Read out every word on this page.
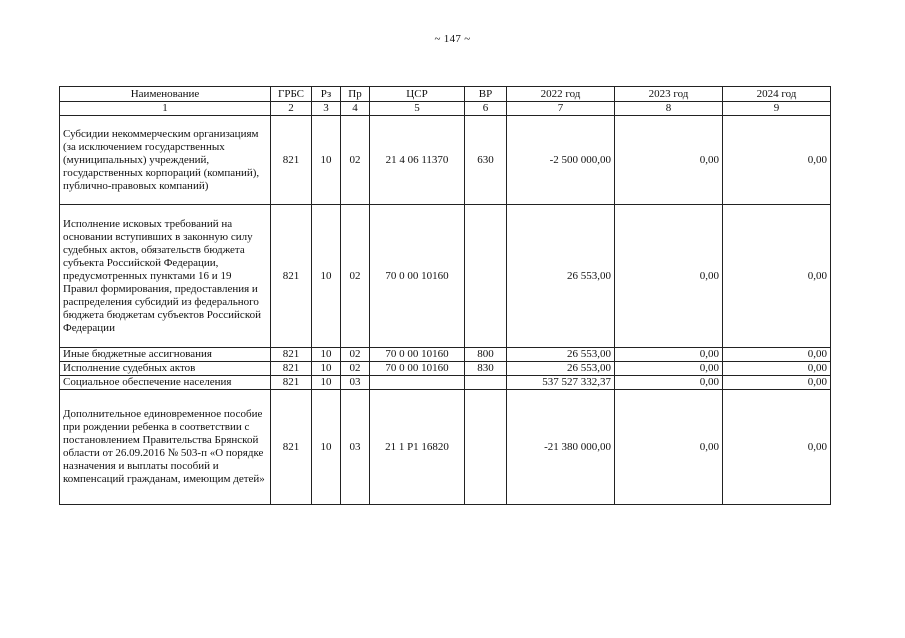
~ 147 ~
Наименование	ГРБС	Рз	Пр	ЦСР	ВР	2022 год	2023 год	2024 год
1	2	3	4	5	6	7	8	9
Субсидии некоммерческим организациям (за исключением государственных (муниципальных) учреждений, государственных корпораций (компаний), публично-правовых компаний)	821	10	02	21 4 06 11370	630	-2 500 000,00	0,00	0,00
Исполнение исковых требований на основании вступивших в законную силу судебных актов, обязательств бюджета субъекта Российской Федерации, предусмотренных пунктами 16 и 19 Правил формирования, предоставления и распределения субсидий из федерального бюджета бюджетам субъектов Российской Федерации	821	10	02	70 0 00 10160		26 553,00	0,00	0,00
Иные бюджетные ассигнования	821	10	02	70 0 00 10160	800	26 553,00	0,00	0,00
Исполнение судебных актов	821	10	02	70 0 00 10160	830	26 553,00	0,00	0,00
Социальное обеспечение населения	821	10	03			537 527 332,37	0,00	0,00
Дополнительное единовременное пособие при рождении ребенка в соответствии с постановлением Правительства Брянской области от 26.09.2016 № 503-п «О порядке назначения и выплаты пособий и компенсаций гражданам, имеющим детей»	821	10	03	21 1 P1 16820		-21 380 000,00	0,00	0,00
